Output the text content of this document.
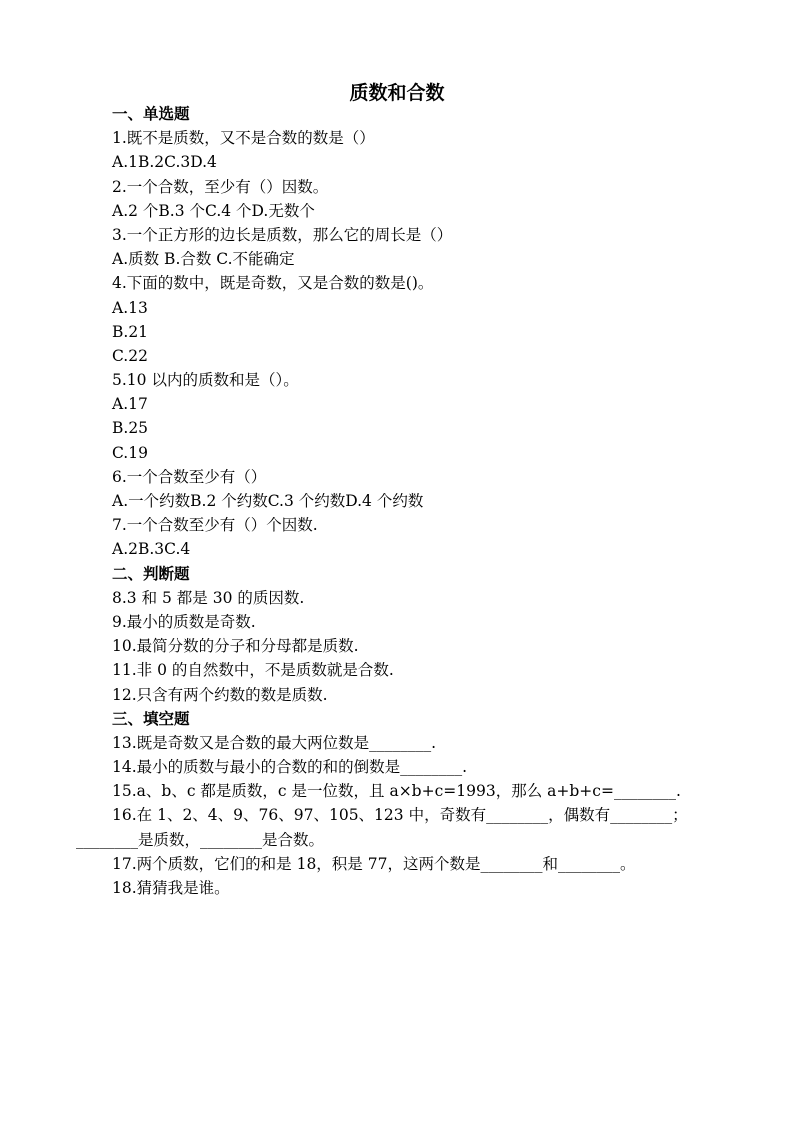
质数和合数
一、单选题
1.既不是质数，又不是合数的数是（）
A.1B.2C.3D.4
2.一个合数，至少有（）因数。
A.2 个B.3 个C.4 个D.无数个
3.一个正方形的边长是质数，那么它的周长是（）
A.质数 B.合数 C.不能确定
4.下面的数中，既是奇数，又是合数的数是()。
A.13
B.21
C.22
5.10 以内的质数和是（）。
A.17
B.25
C.19
6.一个合数至少有（）
A.一个约数B.2 个约数C.3 个约数D.4 个约数
7.一个合数至少有（）个因数.
A.2B.3C.4
二、判断题
8.3 和 5 都是 30 的质因数.
9.最小的质数是奇数.
10.最简分数的分子和分母都是质数.
11.非 0 的自然数中，不是质数就是合数.
12.只含有两个约数的数是质数.
三、填空题
13.既是奇数又是合数的最大两位数是________.
14.最小的质数与最小的合数的和的倒数是________.
15.a、b、c 都是质数，c 是一位数，且 a×b+c=1993，那么 a+b+c=________.
16.在 1、2、4、9、76、97、105、123 中，奇数有________，偶数有________；________是质数，________是合数。
17.两个质数，它们的和是 18，积是 77，这两个数是________和________。
18.猜猜我是谁。
